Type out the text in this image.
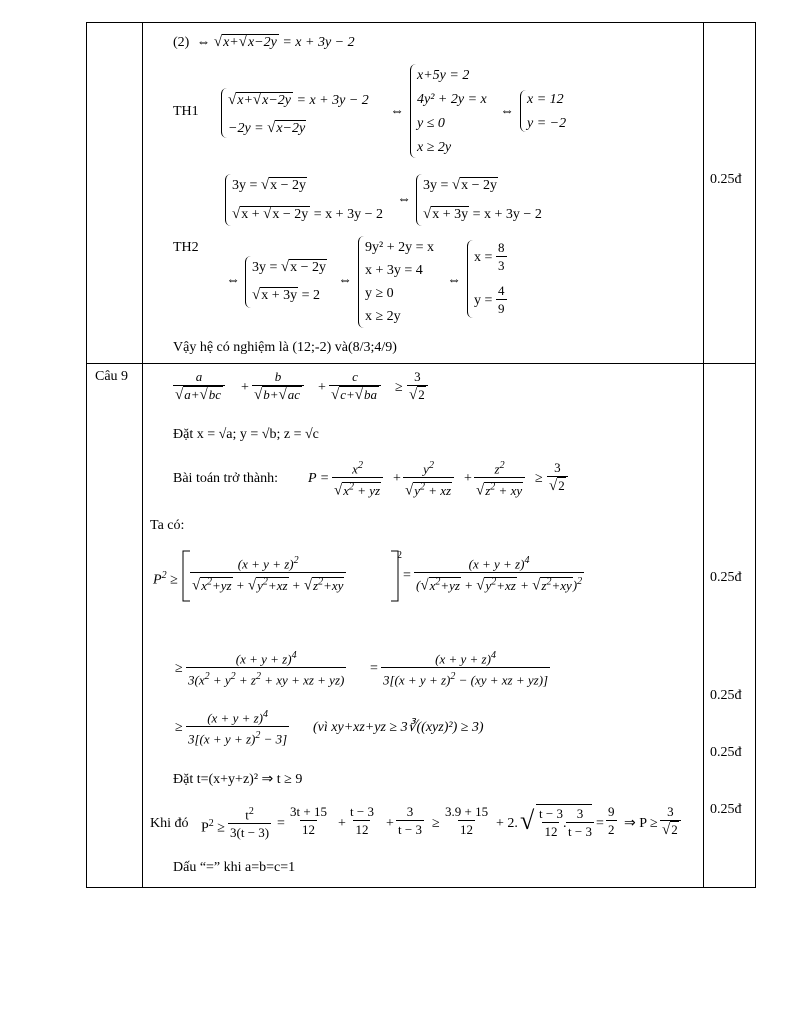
(2)  ⇔ √x+√x−2y = x + 3y − 2
TH1
√x+√x−2y = x + 3y − 2
−2y = √x−2y
⇔
x+5y = 2
4y² + 2y = x
y ≤ 0
x ≥ 2y
⇔
x = 12
y = −2
3y = √x − 2y
√x + √x − 2y = x + 3y − 2
⇔
3y = √x − 2y
√x + 3y = x + 3y − 2
TH2
⇔
3y = √x − 2y
√x + 3y = 2
⇔
9y² + 2y = x
x + 3y = 4
y ≥ 0
x ≥ 2y
⇔
$x = \frac{8}{3}$
$y = \frac{4}{9}$
Vậy hệ có nghiệm là (12;-2) và(8/3;4/9)
0.25đ
Câu 9	$\frac{a}{√a+√bc} + \frac{b}{√b+√ac} + \frac{c}{√c+√ba} \ge \frac{3}{√2}$
Đặt x = √a; y = √b; z = √c
Bài toán trở thành: $P = \frac{x^2}{√x^2 + yz} + \frac{y^2}{√y^2 + xz} + \frac{z^2}{√z^2 + xy} \ge \frac{3}{√2}$
Ta có:
$P^2 \ge \frac{(x + y + z)^2}{√x^2+yz + √y^2+xz + √z^2+xy}$	2
= $\frac{(x + y + z)^4}{(√x^2+yz + √y^2+xz + √z^2+xy)^2}$
≥ $\frac{(x + y + z)^4}{3(x^2 + y^2 + z^2 + xy + xz + yz)} = \frac{(x + y + z)^4}{3[(x + y + z)^2 - (xy + xz + yz)]}$
≥ $\frac{(x + y + z)^4}{3[(x + y + z)^2 - 3]}$ (vì xy+xz+yz ≥ 3∛((xyz)²) ≥ 3)
Đặt t=(x+y+z)² ⇒ t ≥ 9
Khi đó $P^2 \ge \frac{t^2}{3(t - 3)} = \frac{3t + 15}{12} + \frac{t - 3}{12} + \frac{3}{t - 3} \ge \frac{3.9 + 15}{12} + 2$. √ $\frac{t - 3}{12}$
. $\frac{3}{t - 3} = \frac{9}{2}$ ⇒ $P \ge \frac{3}{√2}$
Dấu “=” khi a=b=c=1
0.25đ
0.25đ
0.25đ
0.25đ
